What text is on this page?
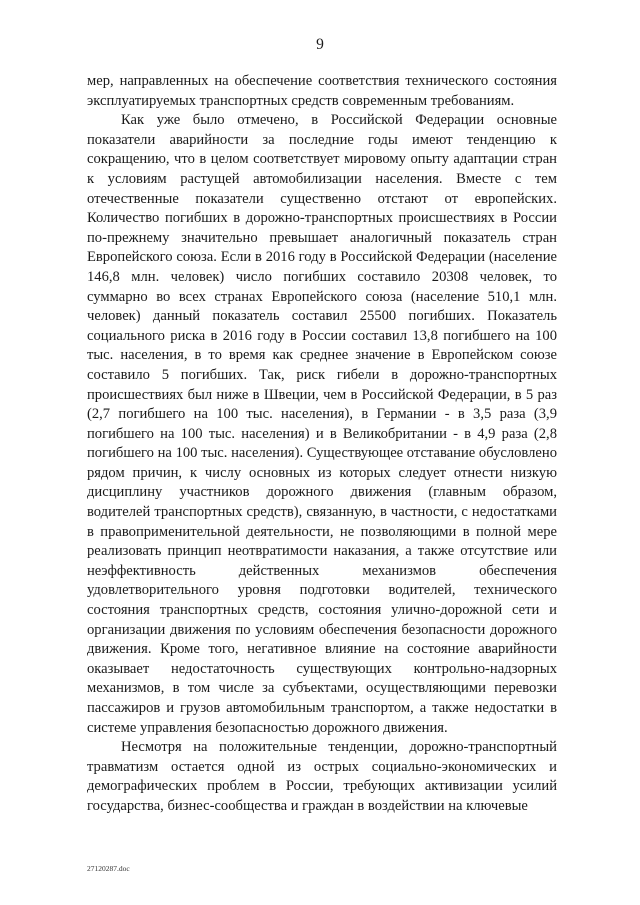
9

мер, направленных на обеспечение соответствия технического состояния эксплуатируемых транспортных средств современным требованиям.

Как уже было отмечено, в Российской Федерации основные показатели аварийности за последние годы имеют тенденцию к сокращению, что в целом соответствует мировому опыту адаптации стран к условиям растущей автомобилизации населения. Вместе с тем отечественные показатели существенно отстают от европейских. Количество погибших в дорожно-транспортных происшествиях в России по-прежнему значительно превышает аналогичный показатель стран Европейского союза. Если в 2016 году в Российской Федерации (население 146,8 млн. человек) число погибших составило 20308 человек, то суммарно во всех странах Европейского союза (население 510,1 млн. человек) данный показатель составил 25500 погибших. Показатель социального риска в 2016 году в России составил 13,8 погибшего на 100 тыс. населения, в то время как среднее значение в Европейском союзе составило 5 погибших. Так, риск гибели в дорожно-транспортных происшествиях был ниже в Швеции, чем в Российской Федерации, в 5 раз (2,7 погибшего на 100 тыс. населения), в Германии - в 3,5 раза (3,9 погибшего на 100 тыс. населения) и в Великобритании - в 4,9 раза (2,8 погибшего на 100 тыс. населения). Существующее отставание обусловлено рядом причин, к числу основных из которых следует отнести низкую дисциплину участников дорожного движения (главным образом, водителей транспортных средств), связанную, в частности, с недостатками в правоприменительной деятельности, не позволяющими в полной мере реализовать принцип неотвратимости наказания, а также отсутствие или неэффективность действенных механизмов обеспечения удовлетворительного уровня подготовки водителей, технического состояния транспортных средств, состояния улично-дорожной сети и организации движения по условиям обеспечения безопасности дорожного движения. Кроме того, негативное влияние на состояние аварийности оказывает недостаточность существующих контрольно-надзорных механизмов, в том числе за субъектами, осуществляющими перевозки пассажиров и грузов автомобильным транспортом, а также недостатки в системе управления безопасностью дорожного движения.

Несмотря на положительные тенденции, дорожно-транспортный травматизм остается одной из острых социально-экономических и демографических проблем в России, требующих активизации усилий государства, бизнес-сообщества и граждан в воздействии на ключевые

27120287.doc
